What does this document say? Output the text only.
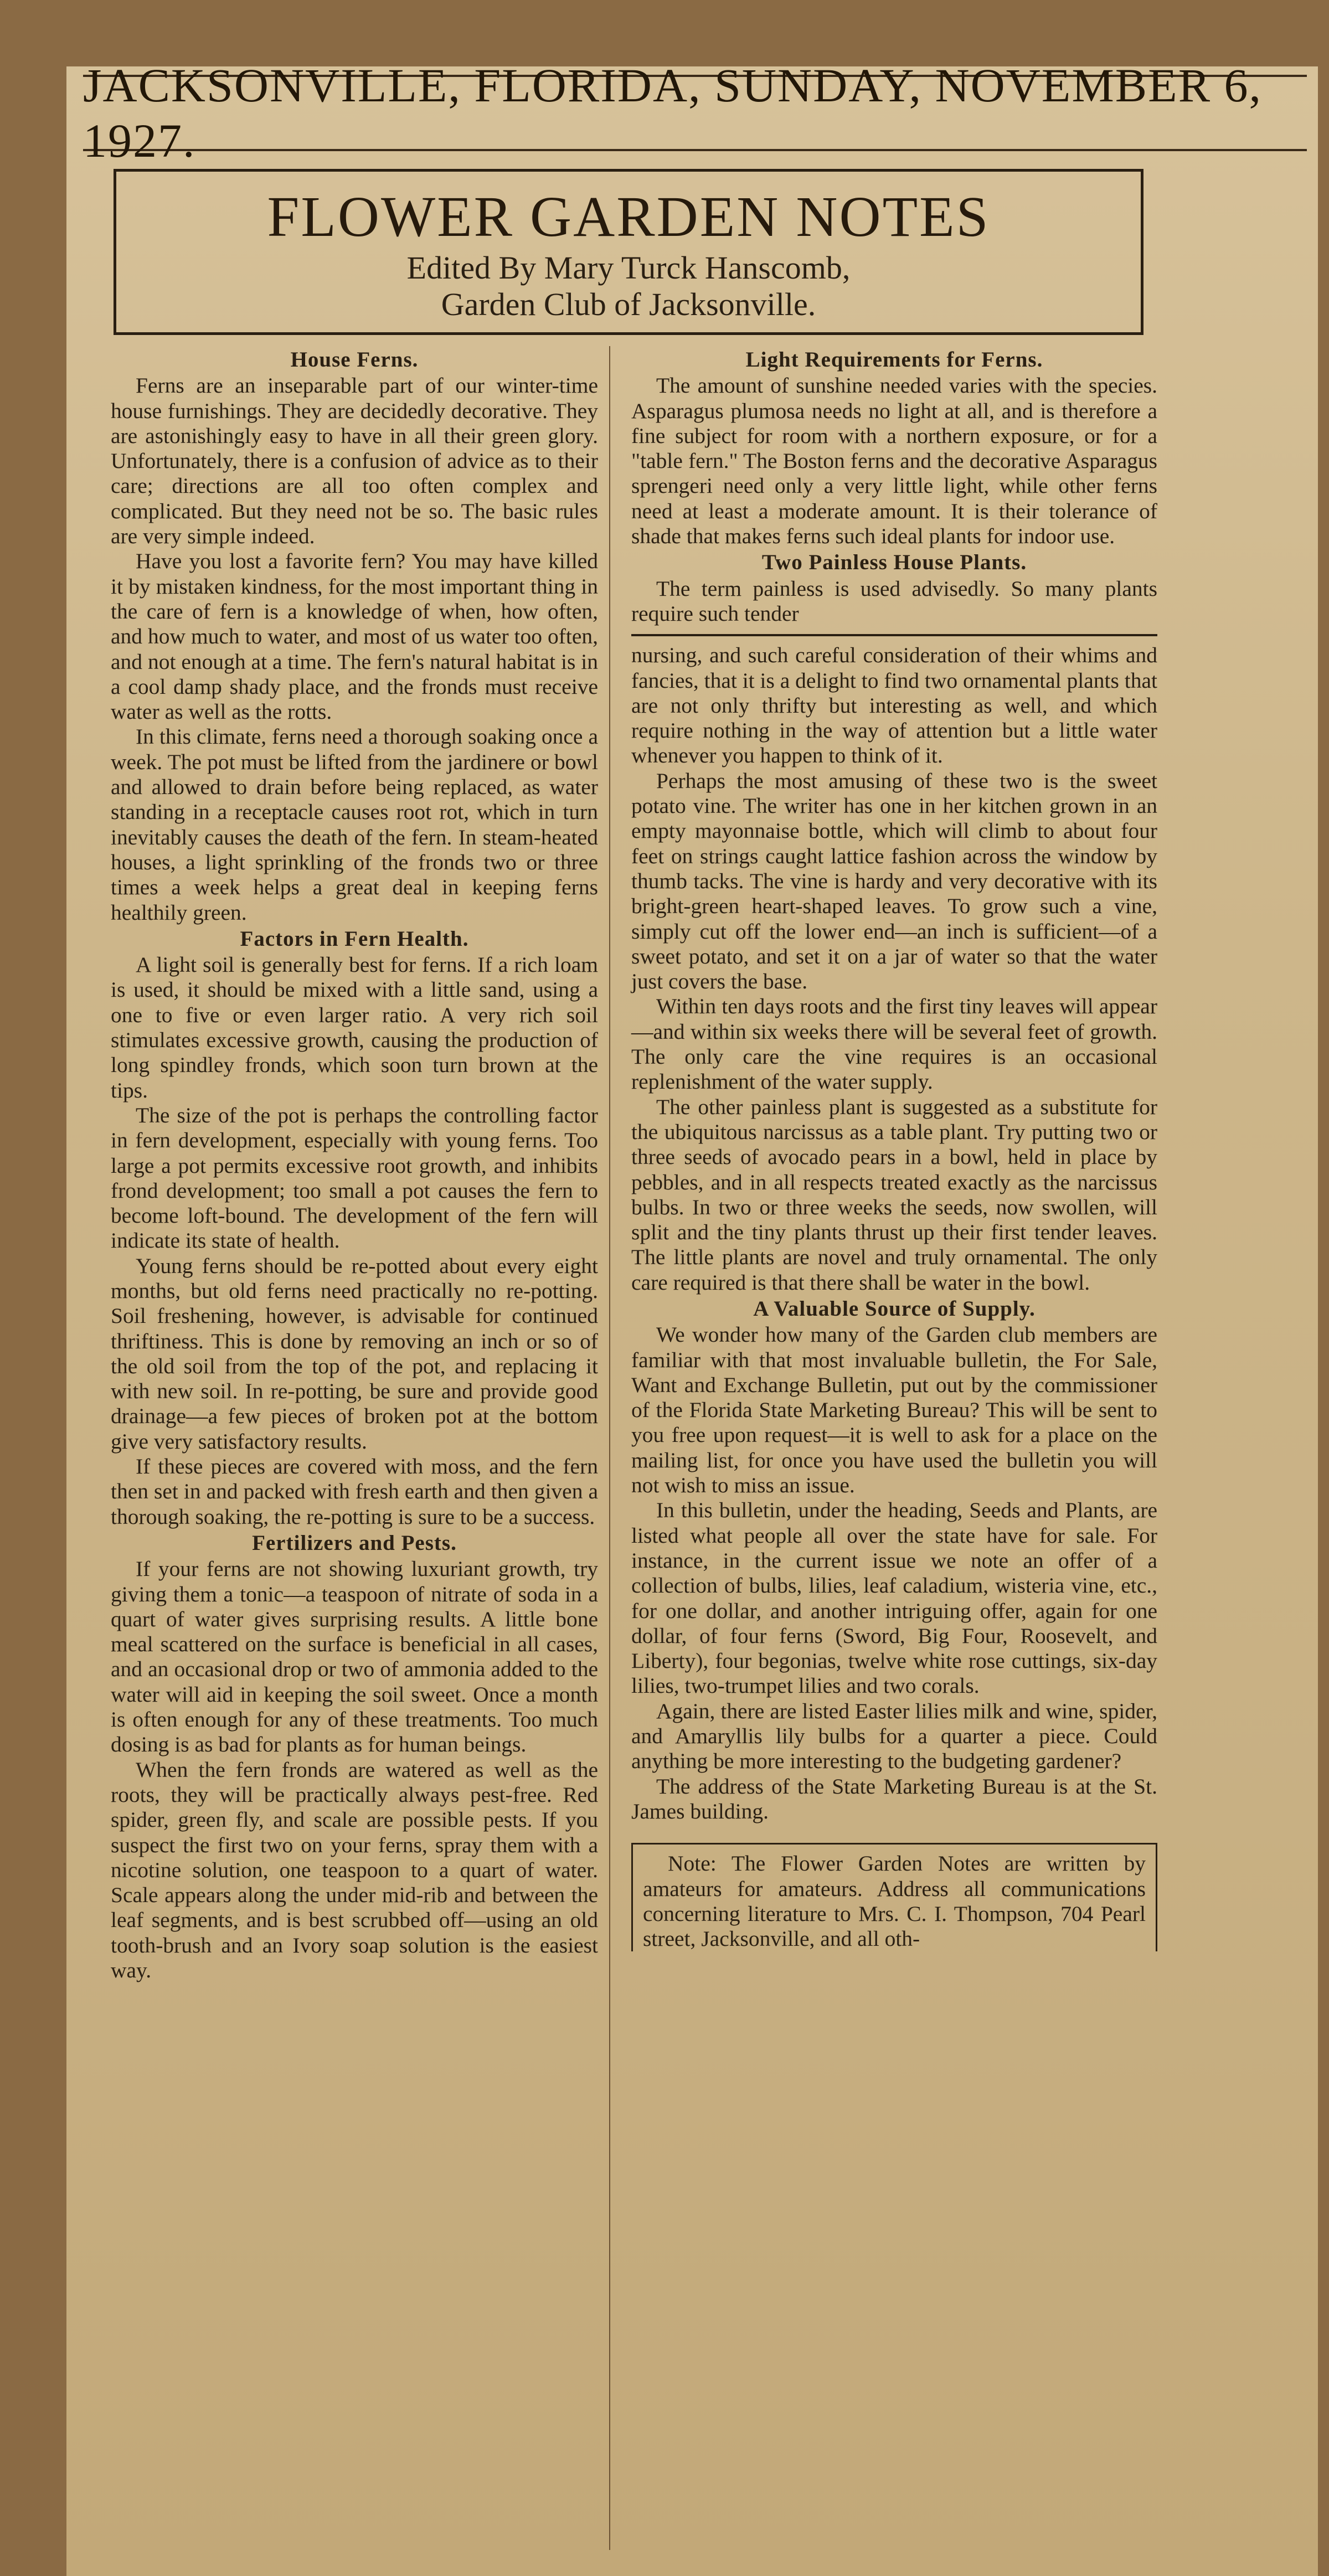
JACKSONVILLE, FLORIDA, SUNDAY, NOVEMBER 6, 1927.
FLOWER GARDEN NOTES
Edited By Mary Turck Hanscomb,
Garden Club of Jacksonville.
House Ferns.

Ferns are an inseparable part of our winter-time house furnishings. They are decidedly decorative. They are astonishingly easy to have in all their green glory. Unfortunately, there is a confusion of advice as to their care; directions are all too often complex and complicated. But they need not be so. The basic rules are very simple indeed.

Have you lost a favorite fern? You may have killed it by mistaken kindness, for the most important thing in the care of fern is a knowledge of when, how often, and how much to water, and most of us water too often, and not enough at a time. The fern's natural habitat is in a cool damp shady place, and the fronds must receive water as well as the rotts.

In this climate, ferns need a thorough soaking once a week. The pot must be lifted from the jardinere or bowl and allowed to drain before being replaced, as water standing in a receptacle causes root rot, which in turn inevitably causes the death of the fern. In steam-heated houses, a light sprinkling of the fronds two or three times a week helps a great deal in keeping ferns healthily green.

Factors in Fern Health.

A light soil is generally best for ferns. If a rich loam is used, it should be mixed with a little sand, using a one to five or even larger ratio. A very rich soil stimulates excessive growth, causing the production of long spindley fronds, which soon turn brown at the tips.

The size of the pot is perhaps the controlling factor in fern development, especially with young ferns. Too large a pot permits excessive root growth, and inhibits frond development; too small a pot causes the fern to become loft-bound. The development of the fern will indicate its state of health.

Young ferns should be re-potted about every eight months, but old ferns need practically no re-potting. Soil freshening, however, is advisable for continued thriftiness. This is done by removing an inch or so of the old soil from the top of the pot, and replacing it with new soil. In re-potting, be sure and provide good drainage—a few pieces of broken pot at the bottom give very satisfactory results.

If these pieces are covered with moss, and the fern then set in and packed with fresh earth and then given a thorough soaking, the re-potting is sure to be a success.

Fertilizers and Pests.

If your ferns are not showing luxuriant growth, try giving them a tonic—a teaspoon of nitrate of soda in a quart of water gives surprising results. A little bone meal scattered on the surface is beneficial in all cases, and an occasional drop or two of ammonia added to the water will aid in keeping the soil sweet. Once a month is often enough for any of these treatments. Too much dosing is as bad for plants as for human beings.

When the fern fronds are watered as well as the roots, they will be practically always pest-free. Red spider, green fly, and scale are possible pests. If you suspect the first two on your ferns, spray them with a nicotine solution, one teaspoon to a quart of water. Scale appears along the under mid-rib and between the leaf segments, and is best scrubbed off—using an old tooth-brush and an Ivory soap solution is the easiest way.

Light Requirements for Ferns.

The amount of sunshine needed varies with the species. Asparagus plumosa needs no light at all, and is therefore a fine subject for room with a northern exposure, or for a "table fern." The Boston ferns and the decorative Asparagus sprengeri need only a very little light, while other ferns need at least a moderate amount. It is their tolerance of shade that makes ferns such ideal plants for indoor use.

Two Painless House Plants.

The term painless is used advisedly. So many plants require such tender

nursing, and such careful consideration of their whims and fancies, that it is a delight to find two ornamental plants that are not only thrifty but interesting as well, and which require nothing in the way of attention but a little water whenever you happen to think of it.

Perhaps the most amusing of these two is the sweet potato vine. The writer has one in her kitchen grown in an empty mayonnaise bottle, which will climb to about four feet on strings caught lattice fashion across the window by thumb tacks. The vine is hardy and very decorative with its bright-green heart-shaped leaves. To grow such a vine, simply cut off the lower end—an inch is sufficient—of a sweet potato, and set it on a jar of water so that the water just covers the base.

Within ten days roots and the first tiny leaves will appear—and within six weeks there will be several feet of growth. The only care the vine requires is an occasional replenishment of the water supply.

The other painless plant is suggested as a substitute for the ubiquitous narcissus as a table plant. Try putting two or three seeds of avocado pears in a bowl, held in place by pebbles, and in all respects treated exactly as the narcissus bulbs. In two or three weeks the seeds, now swollen, will split and the tiny plants thrust up their first tender leaves. The little plants are novel and truly ornamental. The only care required is that there shall be water in the bowl.

A Valuable Source of Supply.

We wonder how many of the Garden club members are familiar with that most invaluable bulletin, the For Sale, Want and Exchange Bulletin, put out by the commissioner of the Florida State Marketing Bureau? This will be sent to you free upon request—it is well to ask for a place on the mailing list, for once you have used the bulletin you will not wish to miss an issue.

In this bulletin, under the heading, Seeds and Plants, are listed what people all over the state have for sale. For instance, in the current issue we note an offer of a collection of bulbs, lilies, leaf caladium, wisteria vine, etc., for one dollar, and another intriguing offer, again for one dollar, of four ferns (Sword, Big Four, Roosevelt, and Liberty), four begonias, twelve white rose cuttings, six-day lilies, two-trumpet lilies and two corals.

Again, there are listed Easter lilies milk and wine, spider, and Amaryllis lily bulbs for a quarter a piece. Could anything be more interesting to the budgeting gardener?

The address of the State Marketing Bureau is at the St. James building.

Note: The Flower Garden Notes are written by amateurs for amateurs. Address all communications concerning literature to Mrs. C. I. Thompson, 704 Pearl street, Jacksonville, and all oth-
